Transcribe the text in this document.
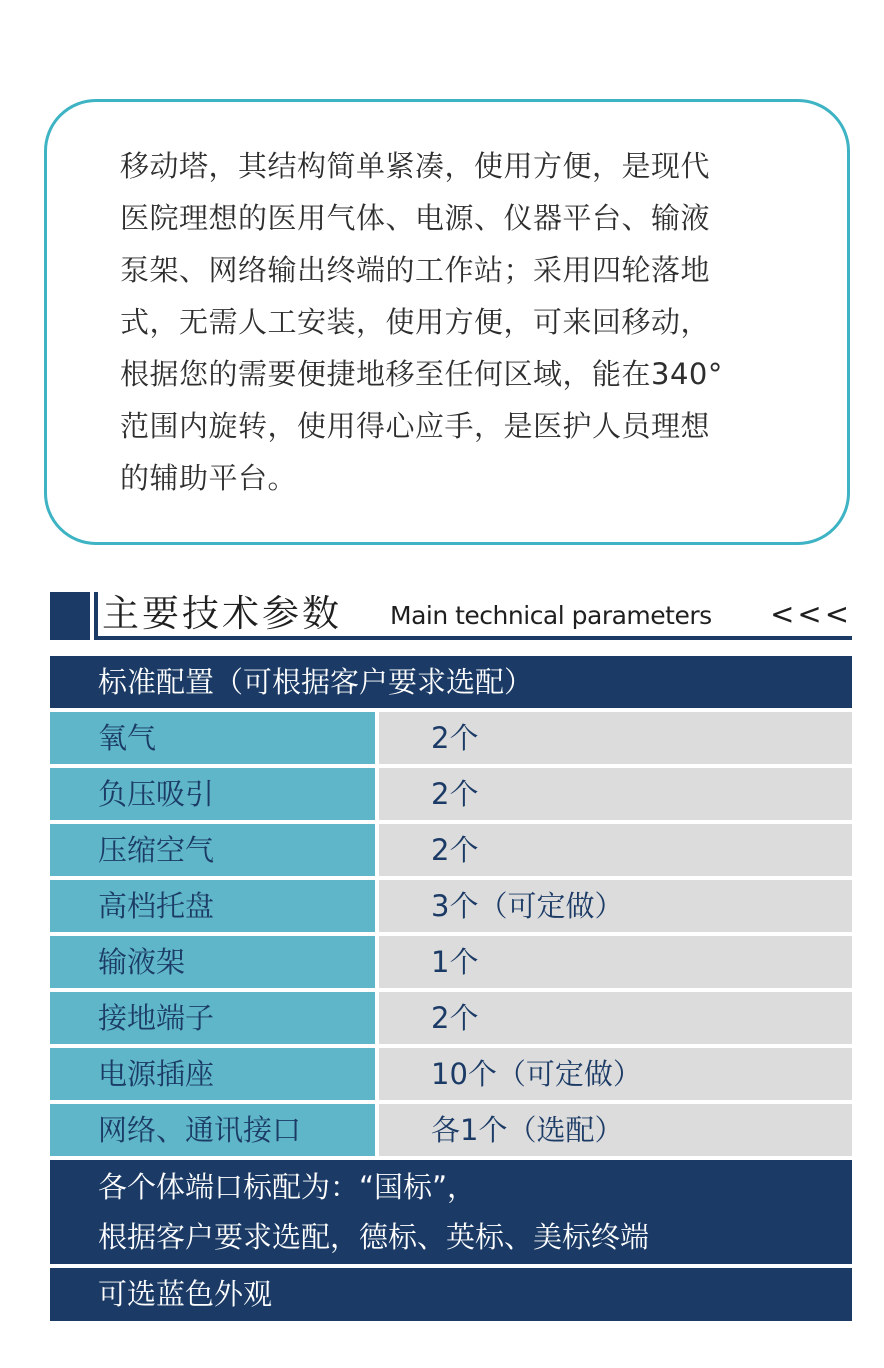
移动塔，其结构简单紧凑，使用方便，是现代
医院理想的医用气体、电源、仪器平台、输液
泵架、网络输出终端的工作站；采用四轮落地
式，无需人工安装，使用方便，可来回移动，
根据您的需要便捷地移至任何区域，能在340°
范围内旋转，使用得心应手，是医护人员理想
的辅助平台。

主要技术参数 Main technical parameters <<<
标准配置（可根据客户要求选配）
氧气	2个
负压吸引	2个
压缩空气	2个
高档托盘	3个（可定做）
输液架	1个
接地端子	2个
电源插座	10个（可定做）
网络、通讯接口	各1个（选配）
各个体端口标配为：“国标”，
根据客户要求选配，德标、英标、美标终端
可选蓝色外观
